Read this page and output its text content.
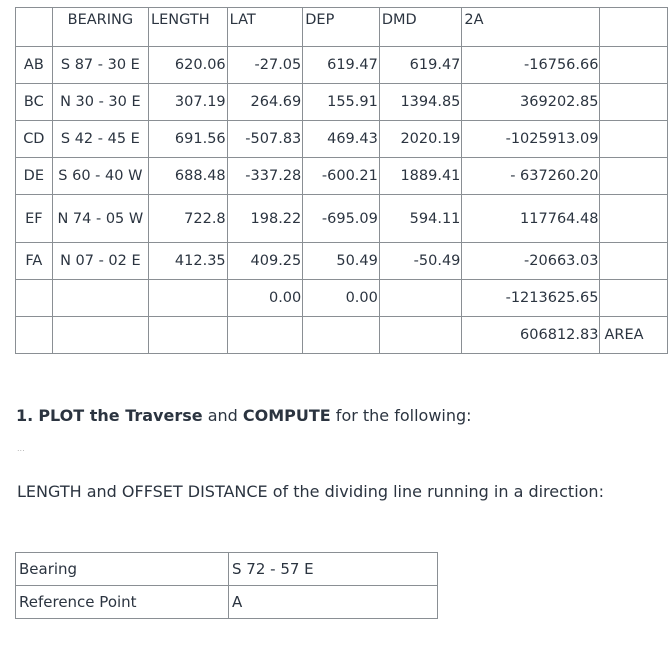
	BEARING	LENGTH	LAT	DEP	DMD	2A	
AB	S 87 - 30 E	620.06	-27.05	619.47	619.47	-16756.66	
BC	N 30 - 30 E	307.19	264.69	155.91	1394.85	369202.85	
CD	S 42 - 45 E	691.56	-507.83	469.43	2020.19	-1025913.09	
DE	S 60 - 40 W	688.48	-337.28	-600.21	1889.41	- 637260.20	
EF	N 74 - 05 W	722.8	198.22	-695.09	594.11	117764.48	
FA	N 07 - 02 E	412.35	409.25	50.49	-50.49	-20663.03	
			0.00	0.00		-1213625.65	
						606812.83	AREA

1. PLOT the Traverse and COMPUTE for the following:

...

LENGTH and OFFSET DISTANCE of the dividing line running in a direction:

Bearing	S 72 - 57 E
Reference Point	A
